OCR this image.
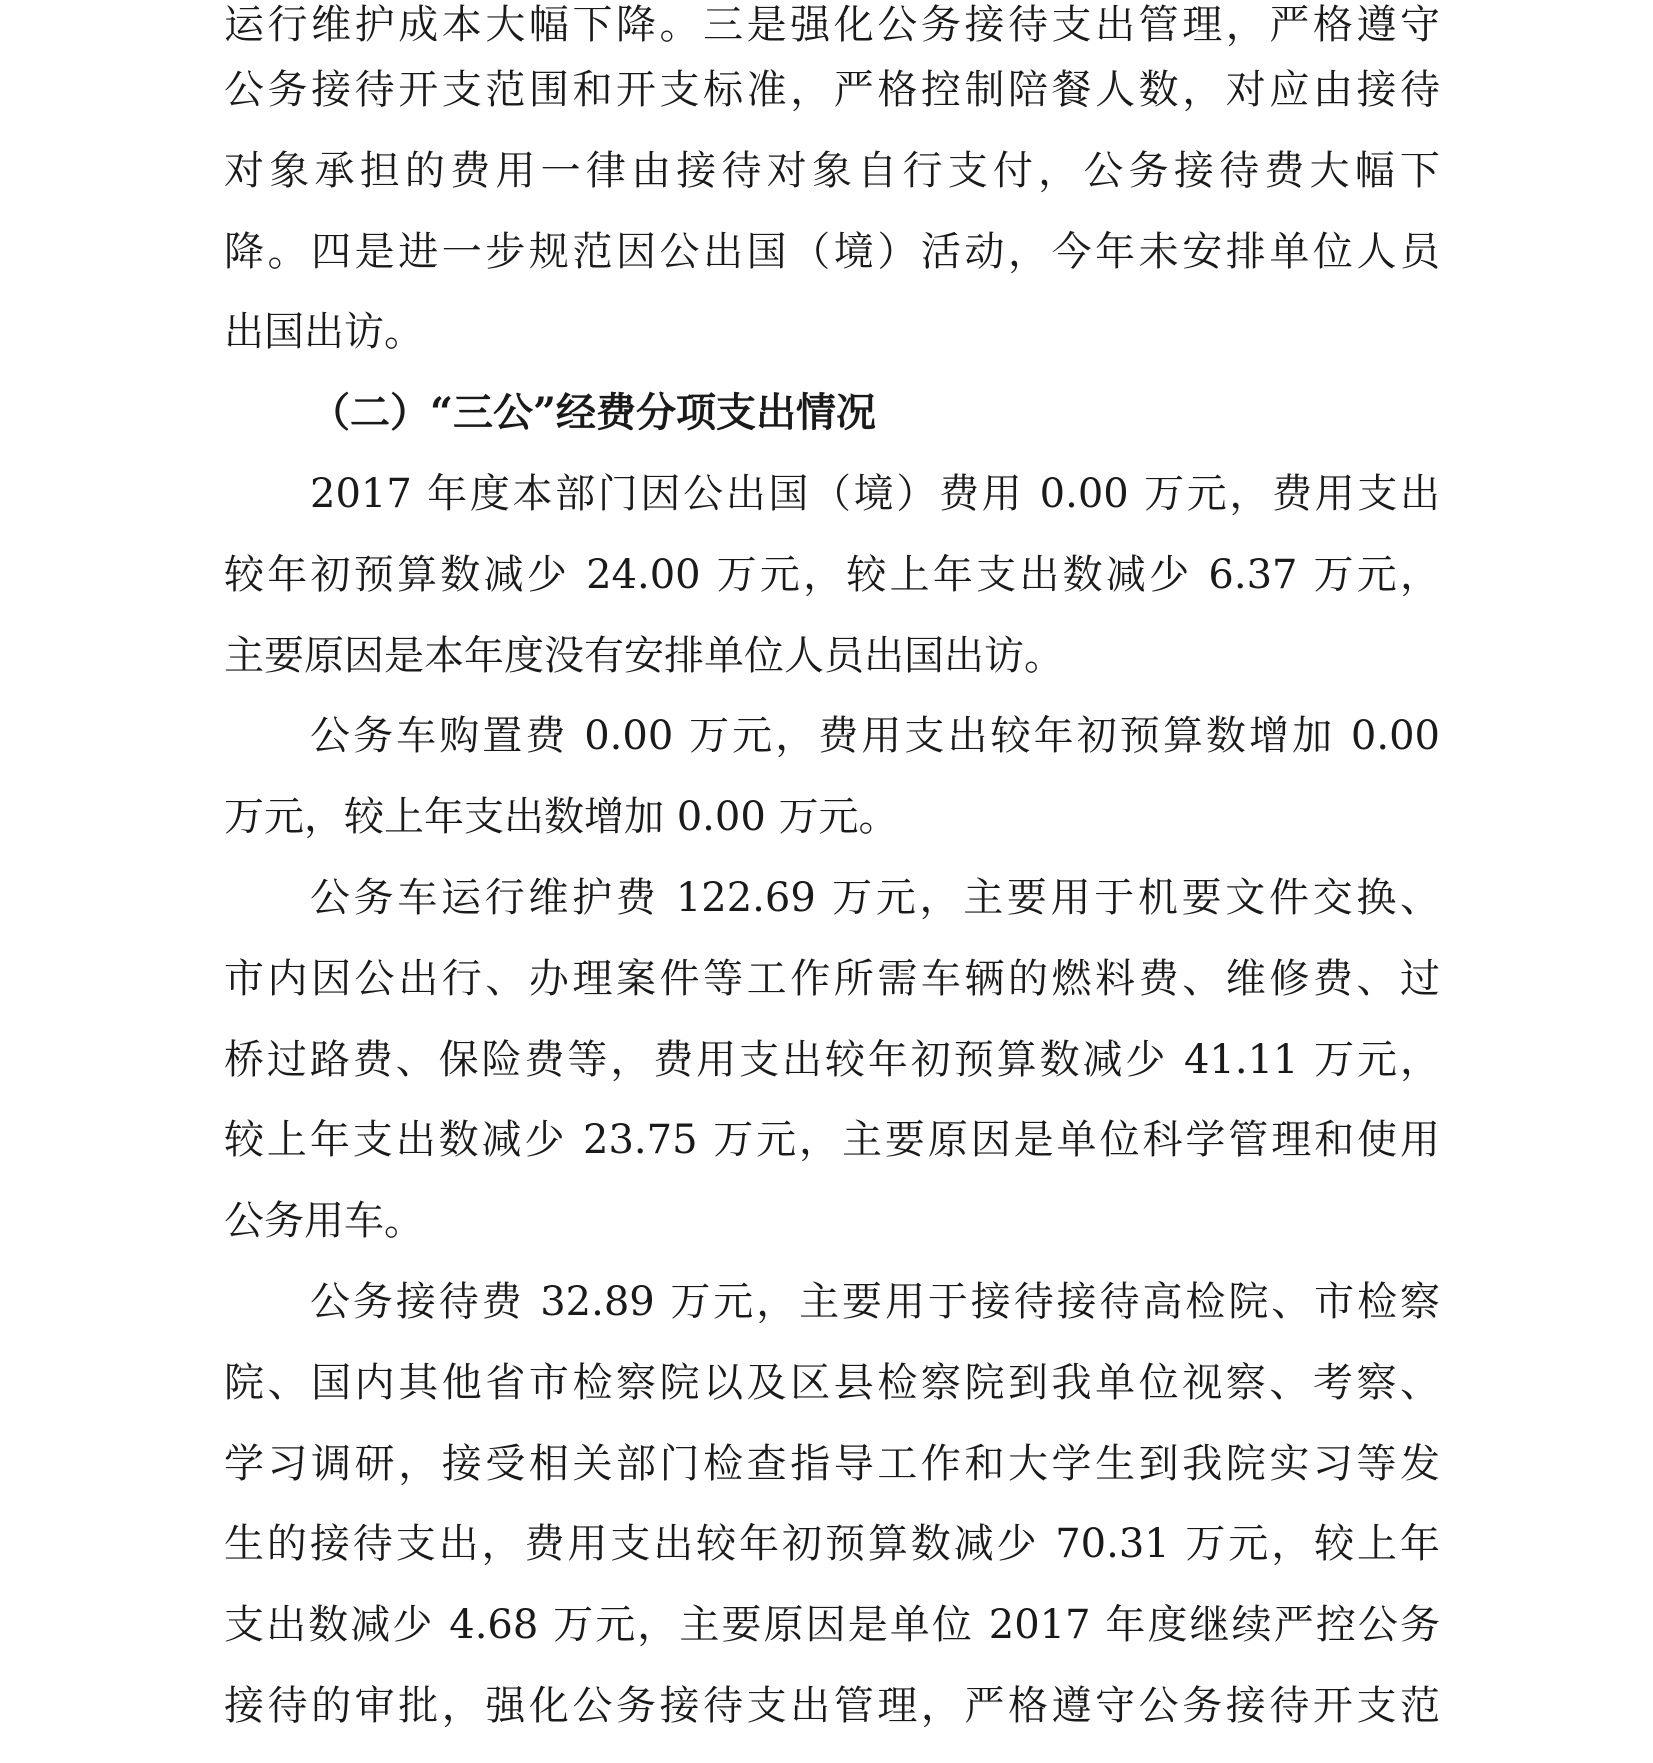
运行维护成本大幅下降。三是强化公务接待支出管理，严格遵守
公务接待开支范围和开支标准，严格控制陪餐人数，对应由接待
对象承担的费用一律由接待对象自行支付，公务接待费大幅下
降。四是进一步规范因公出国（境）活动，今年未安排单位人员
出国出访。
（二）“三公”经费分项支出情况
2017 年度本部门因公出国（境）费用 0.00 万元，费用支出
较年初预算数减少 24.00 万元，较上年支出数减少 6.37 万元，
主要原因是本年度没有安排单位人员出国出访。
公务车购置费 0.00 万元，费用支出较年初预算数增加 0.00
万元，较上年支出数增加 0.00 万元。
公务车运行维护费 122.69 万元，主要用于机要文件交换、
市内因公出行、办理案件等工作所需车辆的燃料费、维修费、过
桥过路费、保险费等，费用支出较年初预算数减少 41.11 万元，
较上年支出数减少 23.75 万元，主要原因是单位科学管理和使用
公务用车。
公务接待费 32.89 万元，主要用于接待接待高检院、市检察
院、国内其他省市检察院以及区县检察院到我单位视察、考察、
学习调研，接受相关部门检查指导工作和大学生到我院实习等发
生的接待支出，费用支出较年初预算数减少 70.31 万元，较上年
支出数减少 4.68 万元，主要原因是单位 2017 年度继续严控公务
接待的审批，强化公务接待支出管理，严格遵守公务接待开支范
